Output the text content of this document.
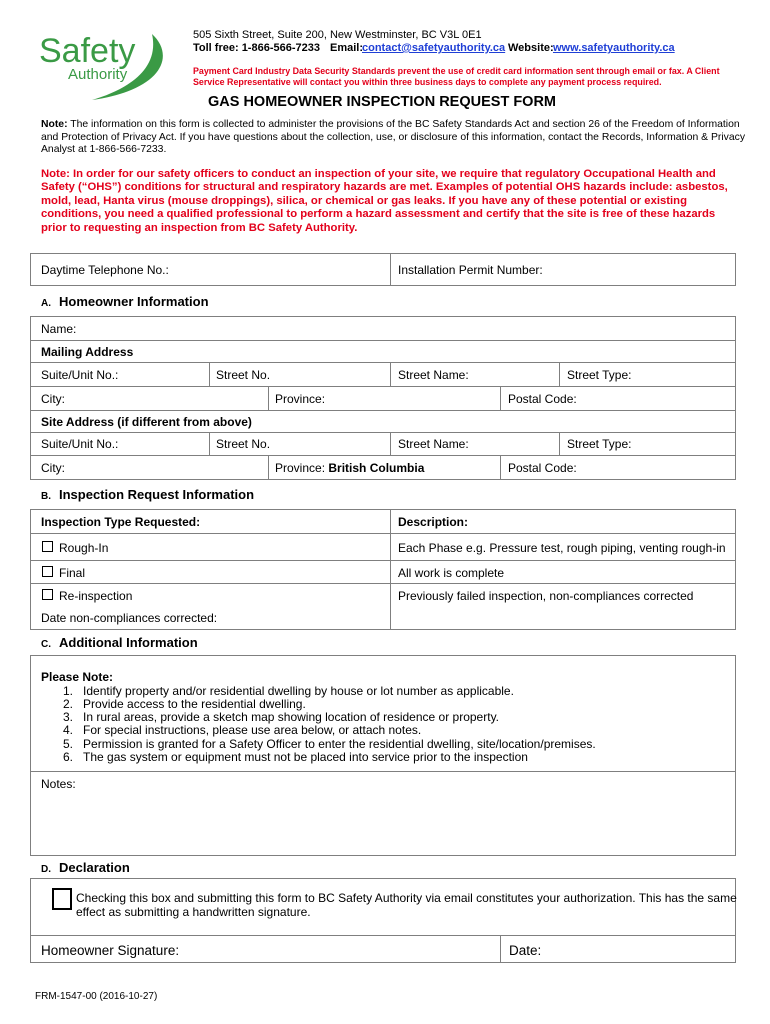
Safety
Authority
505 Sixth Street, Suite 200, New Westminster, BC V3L 0E1
Toll free: 1-866-566-7233 Email:
contact@safetyauthority.ca Website: www.safetyauthority.ca
Payment Card Industry Data Security Standards prevent the use of credit card information sent through email or fax. A Client
Service Representative will contact you within three business days to complete any payment process required.
GAS HOMEOWNER INSPECTION REQUEST FORM
Note: The information on this form is collected to administer the provisions of the BC Safety Standards Act and section 26 of the Freedom of Information
and Protection of Privacy Act. If you have questions about the collection, use, or disclosure of this information, contact the Records, Information & Privacy
Analyst at 1-866-566-7233.
Note: In order for our safety officers to conduct an inspection of your site, we require that regulatory Occupational Health and
Safety (“OHS”) conditions for structural and respiratory hazards are met. Examples of potential OHS hazards include: asbestos,
mold, lead, Hanta virus (mouse droppings), silica, or chemical or gas leaks. If you have any of these potential or existing
conditions, you need a qualified professional to perform a hazard assessment and certify that the site is free of these hazards
prior to requesting an inspection from BC Safety Authority.
Daytime Telephone No.:	Installation Permit Number:
A. Homeowner Information
Name:
Mailing Address
Suite/Unit No.:	Street No.	Street Name:	Street Type:
City:	Province:	Postal Code:
Site Address (if different from above)
Suite/Unit No.:	Street No.	Street Name:	Street Type:
City:	Province: British Columbia	Postal Code:
B. Inspection Request Information
Inspection Type Requested:	Description:
Rough-In	Each Phase e.g. Pressure test, rough piping, venting rough-in
Final	All work is complete
Re-inspection	Previously failed inspection, non-compliances corrected
Date non-compliances corrected:
C. Additional Information
Please Note:
1.   Identify property and/or residential dwelling by house or lot number as applicable.
2.   Provide access to the residential dwelling.
3.   In rural areas, provide a sketch map showing location of residence or property.
4.   For special instructions, please use area below, or attach notes.
5.   Permission is granted for a Safety Officer to enter the residential dwelling, site/location/premises.
6.   The gas system or equipment must not be placed into service prior to the inspection
Notes:
D. Declaration
Checking this box and submitting this form to BC Safety Authority via email constitutes your authorization. This has the same
effect as submitting a handwritten signature.
Homeowner Signature:	Date:
FRM-1547-00 (2016-10-27)
